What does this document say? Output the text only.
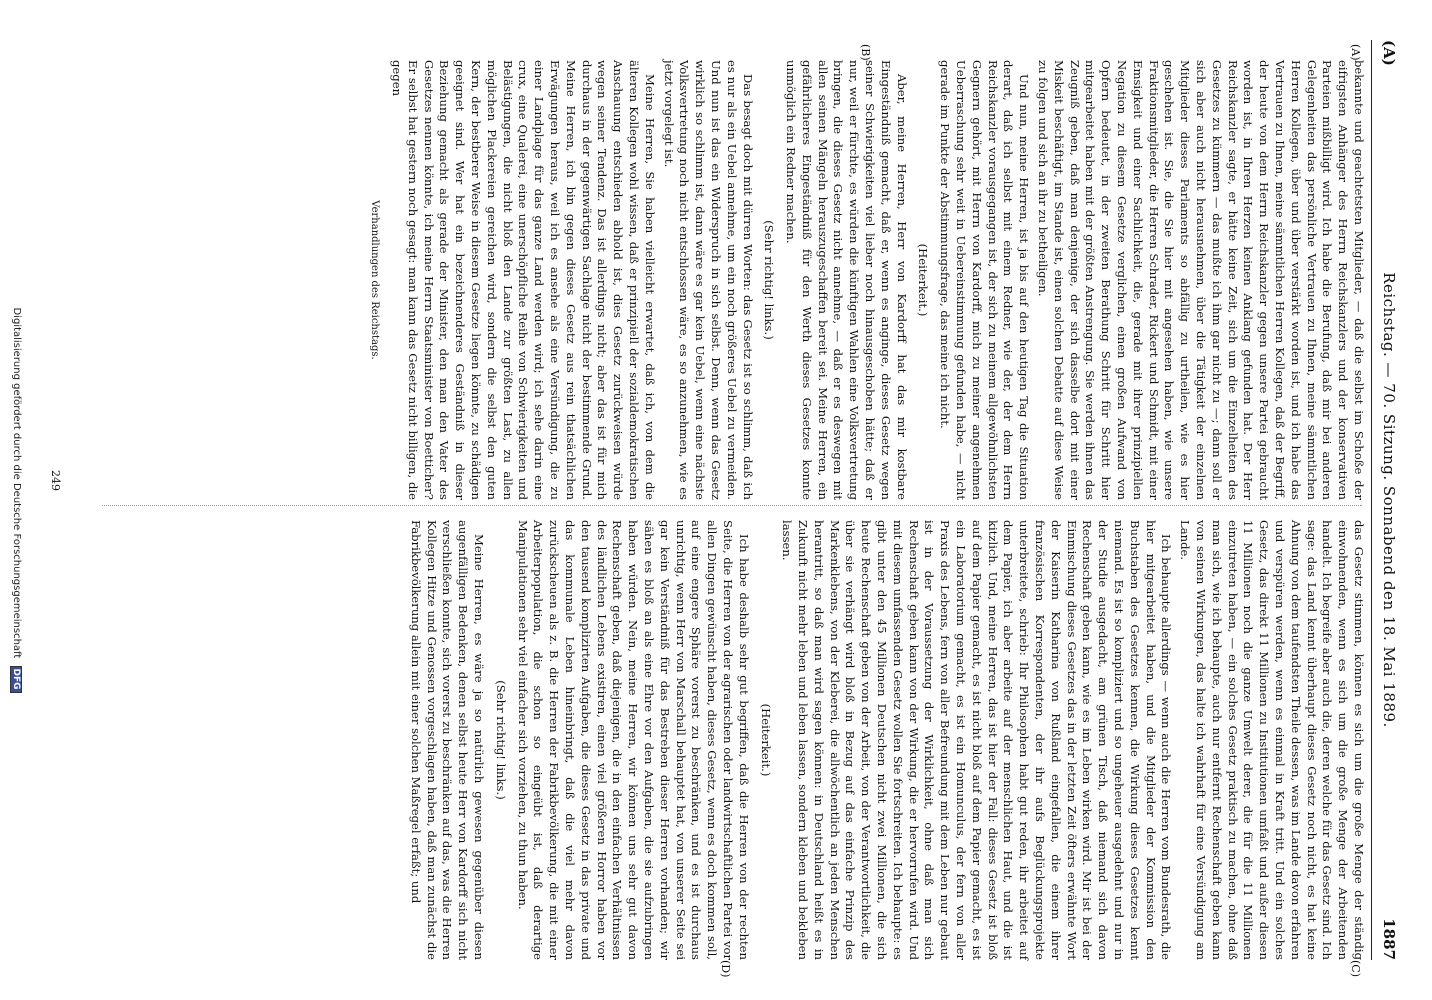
(A)
Reichstag. — 70. Sitzung. Sonnabend den 18. Mai 1889.
1887
(A)
(B)
(C)
(D)

bekannte und geachtetsten Mitglieder, — daß die selbst im Schoße der eifrigsten Anhänger des Herrn Reichskanzlers und der konservativen Parteien mißbilligt wird. Ich habe die Berufung, daß mir bei anderen Gelegenheiten das persönliche Vertrauen zu Ihnen, meine sämmtlichen Herren Kollegen, über und über verstärkt worden ist, und ich habe das Vertrauen zu Ihnen, meine sämmtlichen Herren Kollegen, daß der Begriff, der heute von dem Herrn Reichskanzler gegen unsere Partei gebraucht worden ist, in Ihren Herzen keinen Anklang gefunden hat. Der Herr Reichskanzler sagte, er hätte keine Zeit, sich um die Einzelheiten des Gesetzes zu kümmern — das mußte ich ihm gar nicht zu —; dann soll er sich aber auch nicht herausnehmen, über die Tätigkeit der einzelnen Mitglieder dieses Parlaments so abfällig zu urtheilen, wie es hier geschehen ist. Sie, die Sie hier mit angesehen haben, wie unsere Fraktionsmitglieder, die Herren Schrader, Rickert und Schmidt, mit einer Emsigkeit und einer Sachlichkeit, die, gerade mit ihrer prinzipiellen Negation zu diesem Gesetze verglichen, einen großen Aufwand von Opfern bedeutet, in der zweiten Berathung Schritt für Schritt hier mitgearbeitet haben mit der größten Anstrengung. Sie werden ihnen das Zeugniß geben, daß man denjenige, der sich dasselbe dort mit einer Miskeit beschäftigt, im Stande ist, einen solchen Debatte auf diese Weise zu folgen und sich an ihr zu betheiligen.

Und nun, meine Herren, ist ja bis auf den heutigen Tag die Situation derart, daß ich selbst mit einem Redner, wie der, der dem Herrn Reichskanzler vorausgegangen ist, der sich zu meinem allgewöhnlichsten Gegnern gehört, mit Herrn von Kardorff, mich zu meiner angenehmen Ueberraschung sehr weit in Uebereinstimmung gefunden habe, — nicht gerade im Punkte der Abstimmungsfrage, das meine ich nicht.

(Heiterkeit.)

Aber, meine Herren, Herr von Kardorff hat das mir kostbare Eingeständniß gemacht, daß er, wenn es anginge, dieses Gesetz wegen seiner Schwierigkeiten viel lieber noch hinausgeschoben hätte; daß er nur, weil er fürchte, es würden die künftigen Wahlen eine Volksvertretung bringen, die dieses Gesetz nicht annehme, — daß er es deswegen mit allen seinen Mängeln herauszugeschaffen bereit sei. Meine Herren, ein gefährlicheres Eingeständniß für den Werth dieses Gesetzes konnte unmöglich ein Redner machen.

(Sehr richtig! links.)

Das besagt doch mit dürren Worten: das Gesetz ist so schlimm, daß ich es nur als ein Uebel annehme, um ein noch größeres Uebel zu vermeiden. Und nun ist das ein Widerspruch in sich selbst. Denn, wenn das Gesetz wirklich so schlimm ist, dann wäre es gar kein Uebel, wenn eine nächste Volksvertretung noch nicht entschlossen wäre, es so anzunehmen, wie es jetzt vorgelegt ist.

Meine Herren, Sie haben vielleicht erwartet, daß ich, von dem die älteren Kollegen wohl wissen, daß er prinzipiell der sozialdemokratischen Anschauung entschieden abhold ist, dies Gesetz zurückweisen würde wegen seiner Tendenz. Das ist allerdings nicht; aber das ist für mich durchaus in der gegenwärtigen Sachlage nicht der bestimmende Grund. Meine Herren, ich bin gegen dieses Gesetz aus rein thatsächlichen Erwägungen heraus, weil ich es ansehe als eine Versündigung, die zu einer Landplage für das ganze Land werden wird; ich sehe darin eine crux, eine Qualerei, eine unerschöpfliche Reihe von Schwierigkeiten und Belästigungen, die nicht bloß den Lande zur größten Last, zu allen möglichen Plackereien gereichen wird, sondern die selbst den guten Kern, der bestberer Weise in diesem Gesetze liegen könnte, zu schädigen geeignet sind. Wer hat ein bezeichnenderes Geständniß in dieser Beziehung gemacht als gerade der Minister, den man den Vater des Gesetzes nennen könnte, ich meine Herrn Staatsminister von Boetticher? Er selbst hat gestern noch gesagt: man kann das Gesetz nicht billigen, die gegen

Verhandlungen des Reichstags.

das Gesetz stimmen, können es sich um die große Menge der ständig einwohnenden, wenn es sich um die große Menge der Arbeitenden handelt. Ich begreife aber auch die, deren welche für das Gesetz sind. Ich sage: das Land kennt überhaupt dieses Gesetz noch nicht, es hat keine Ahnung von dem taufendsten Theile dessen, was im Lande davon erfahren und verspüren werden, wenn es einmal in Kraft tritt. Und ein solches Gesetz, das direkt 11 Millionen zu Institutionen umfaßt und außer diesen 11 Millionen noch die ganze Umwelt derer, die für die 11 Millionen einzutreten haben, — ein solches Gesetz praktisch zu machen, ohne daß man sich, wie ich behaupte, auch nur entfernt Rechenschaft geben kann von seinen Wirkungen, das halte ich wahrhaft für eine Versündigung am Lande.

Ich behaupte allerdings — wenn auch die Herren vom Bundesrath, die hier mitgearbeitet haben, und die Mitglieder der Kommission den Buchstaben des Gesetzes kennen, die Wirkung dieses Gesetzes kennt niemand. Es ist so kompliziert und so ungeheuer ausgedehnt und nur in der Studie ausgedacht, am grünen Tisch, daß niemand sich davon Rechenschaft geben kann, wie es im Leben wirken wird. Mir ist bei der Einmischung dieses Gesetzes das in der letzten Zeit öfters erwähnte Wort der Kaiserin Katharina von Rußland eingefallen, die einem ihrer französischen Korrespondenten, der ihr aufs Beglückungsprojekte unterbreitete, schrieb: Ihr Philosophen habt gut reden, ihr arbeitet auf dem Papier, ich aber arbeite auf der menschlichen Haut, und die ist kitzlich. Und, meine Herren, das ist hier der Fall: dieses Gesetz ist bloß auf dem Papier gemacht, es ist nicht bloß auf dem Papier gemacht, es ist ein Laboratorium gemacht, es ist ein Homunculus, der fern von aller Praxis des Lebens, fern von aller Befreundung mit dem Leben nur gebaut ist in der Voraussetzung der Wirklichkeit, ohne daß man sich Rechenschaft geben kann von der Wirkung, die er hervorrufen wird. Und mit diesem umfassenden Gesetz wollen Sie fortschreiten. Ich behaupte: es gibt unter den 45 Millionen Deutschen nicht zwei Millionen, die sich heute Rechenschaft geben von der Arbeit, von der Verantwortlichkeit, die über sie verhängt wird bloß in Bezug auf das einfache Prinzip des Markenklebens, von der Kleberei, die allwöchentlich an jeden Menschen herantritt, so daß man wird sagen können: in Deutschland heißt es in Zukunft nicht mehr leben und leben lassen, sondern kleben und bekleben lassen.

(Heiterkeit.)

Ich habe deshalb sehr gut begriffen, daß die Herren von der rechten Seite, die Herren von der agrarischen oder landwirtschaftlichen Partei vor allen Dingen gewünscht haben, dieses Gesetz, wenn es doch kommen soll, auf eine engere Sphäre vorerst zu beschränken, und es ist durchaus unrichtig, wenn Herr von Marschall behauptet hat, von unserer Seite sei gar kein Verständniß für das Bestreben dieser Herren vorhanden; wir sähen es bloß an als eine Ehre vor den Aufgaben, die sie aufzubringen haben würden. Nein, meine Herren, wir können uns sehr gut davon Rechenschaft geben, daß diejenigen, die in den einfachen Verhältnissen des ländlichen Lebens existiren, einen viel größeren Horror haben vor den tausend komplizirten Aufgaben, die dieses Gesetz in das private und das kommunale Leben hineinbringt, daß die viel mehr davon zurückscheuen als z. B. die Herren der Fabrikbevölkerung, die mit einer Arbeiterpopulation, die schon so eingeübt ist, daß derartige Manipulationen sehr viel einfacher sich vorziehen, zu thun haben.

(Sehr richtig! links.)

Meine Herren, es wäre ja so natürlich gewesen gegenüber diesen augenfälligen Bedenken, denen selbst heute Herr von Kardorff sich nicht verschließen konnte, sich vorerst zu beschränken auf das, was die Herren Kollegen Hitze und Genossen vorgeschlagen haben, daß man zunächst die Fabrikbevölkerung allein mit einer solchen Maßregel erfaßt; und

249
Digitalisierung gefördert durch die Deutsche Forschungsgemeinschaft DFG
